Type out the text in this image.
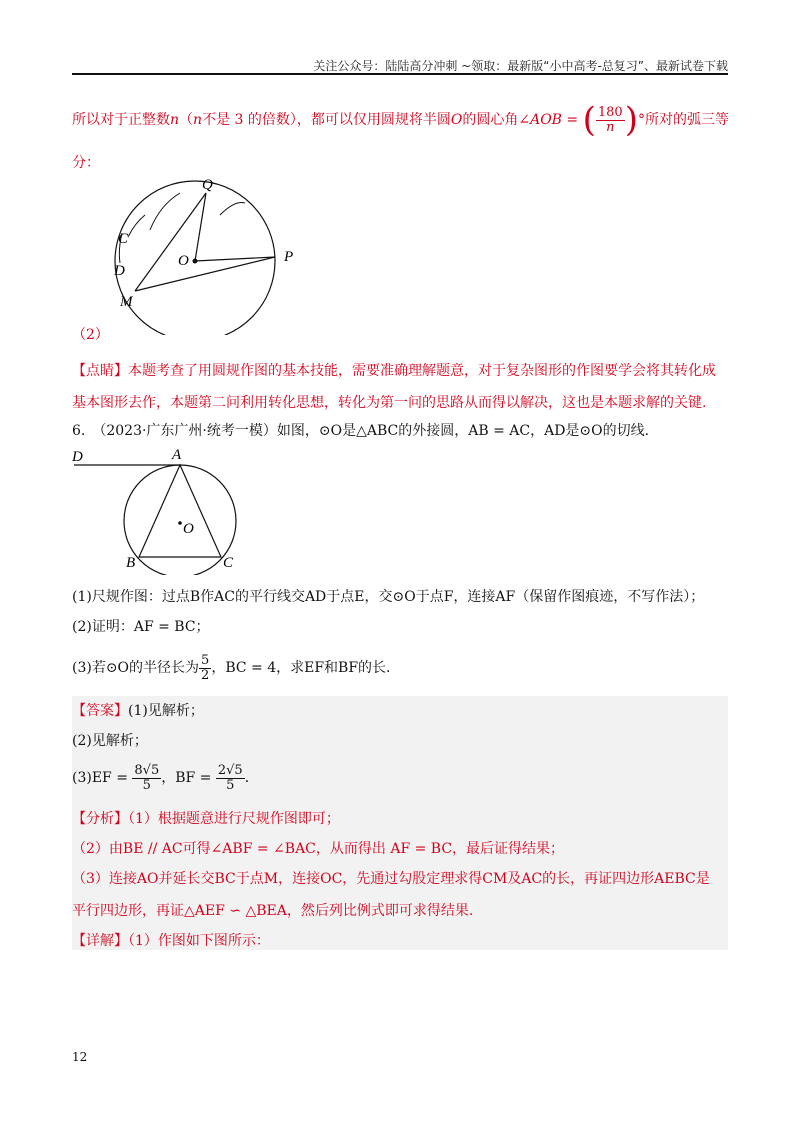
关注公众号：陆陆高分冲刺 ~领取：最新版“小中高考-总复习”、最新试卷下载
所以对于正整数n（n不是 3 的倍数），都可以仅用圆规将半圆O的圆心角∠AOB = ( $\frac{180}{n}$ )°所对的弧三等
分：
Q
C
O	P
D
M
（2）
【点睛】本题考查了用圆规作图的基本技能，需要准确理解题意，对于复杂图形的作图要学会将其转化成
基本图形去作，本题第二问利用转化思想，转化为第一问的思路从而得以解决，这也是本题求解的关键.
6.　（2023·广东广州·统考一模）如图，⊙O是△ABC的外接圆，AB = AC，AD是⊙O的切线.
D	A
O
B	C
(1)尺规作图：过点B作AC的平行线交AD于点E，交⊙O于点F，连接AF（保留作图痕迹，不写作法）；
(2)证明：AF = BC；
(3)若⊙O的半径长为 $\frac{5}{2}$ ，BC = 4，求EF和BF的长.
【答案】(1)见解析；
(2)见解析；
$(3)EF = \frac{8√5}{5}$ ，BF = $\frac{2√5}{5}$ .
【分析】（1）根据题意进行尺规作图即可；
（2）由BE // AC可得∠ABF = ∠BAC，从而得出 AF = BC，最后证得结果；
（3）连接AO并延长交BC于点M，连接OC，先通过勾股定理求得CM及AC的长，再证四边形AEBC是
平行四边形，再证△AEF ∽ △BEA，然后列比例式即可求得结果.
【详解】（1）作图如下图所示：
12
